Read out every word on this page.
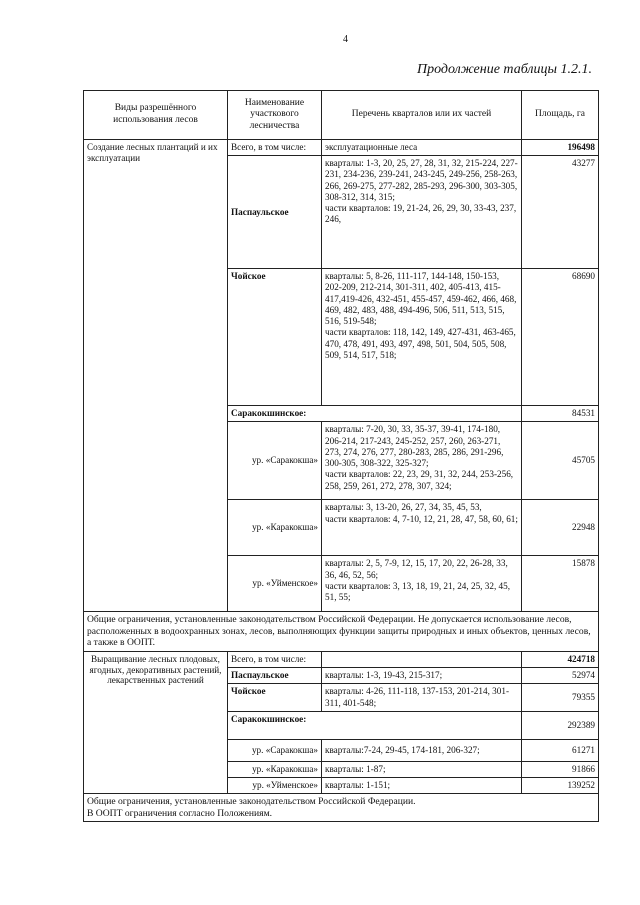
4
Продолжение таблицы 1.2.1.
Виды разрешённого использования лесов	Наименование участкового лесничества	Перечень кварталов или их частей	Площадь, га
Создание лесных плантаций и их эксплуатации	Всего, в том числе:	эксплуатационные леса	196498
	Паспаульское	кварталы: 1-3, 20, 25, 27, 28, 31, 32, 215-224, 227-231, 234-236, 239-241, 243-245, 249-256, 258-263, 266, 269-275, 277-282, 285-293, 296-300, 303-305, 308-312, 314, 315;
части кварталов: 19, 21-24, 26, 29, 30, 33-43, 237, 246,	43277
	Чойское	кварталы: 5, 8-26, 111-117, 144-148, 150-153, 202-209, 212-214, 301-311, 402, 405-413, 415-417,419-426, 432-451, 455-457, 459-462, 466, 468, 469, 482, 483, 488, 494-496, 506, 511, 513, 515, 516, 519-548;
части кварталов: 118, 142, 149, 427-431, 463-465, 470, 478, 491, 493, 497, 498, 501, 504, 505, 508, 509, 514, 517, 518;	68690
	Саракокшинское:		84531
	ур. «Саракокша»	кварталы: 7-20, 30, 33, 35-37, 39-41, 174-180, 206-214, 217-243, 245-252, 257, 260, 263-271, 273, 274, 276, 277, 280-283, 285, 286, 291-296, 300-305, 308-322, 325-327;
части кварталов: 22, 23, 29, 31, 32, 244, 253-256, 258, 259, 261, 272, 278, 307, 324;	45705
	ур. «Каракокша»	кварталы: 3, 13-20, 26, 27, 34, 35, 45, 53,
части кварталов: 4, 7-10, 12, 21, 28, 47, 58, 60, 61;	22948
	ур. «Уйменское»	кварталы: 2, 5, 7-9, 12, 15, 17, 20, 22, 26-28, 33, 36, 46, 52, 56;
части кварталов: 3, 13, 18, 19, 21, 24, 25, 32, 45, 51, 55;	15878
Общие ограничения, установленные законодательством Российской Федерации. Не допускается использование лесов, расположенных в водоохранных зонах, лесов, выполняющих функции защиты природных и иных объектов, ценных лесов, а также в ООПТ.			
Выращивание лесных плодовых, ягодных, декоративных растений, лекарственных растений	Всего, в том числе:		424718
	Паспаульское	кварталы: 1-3, 19-43, 215-317;	52974
	Чойское	кварталы: 4-26, 111-118, 137-153, 201-214, 301-311, 401-548;	79355
	Саракокшинское:		292389
	ур. «Саракокша»	кварталы:7-24, 29-45, 174-181, 206-327;	61271
	ур. «Каракокша»	кварталы: 1-87;	91866
	ур. «Уйменское»	кварталы: 1-151;	139252

Общие ограничения, установленные законодательством Российской Федерации.
В ООПТ ограничения согласно Положениям.			
